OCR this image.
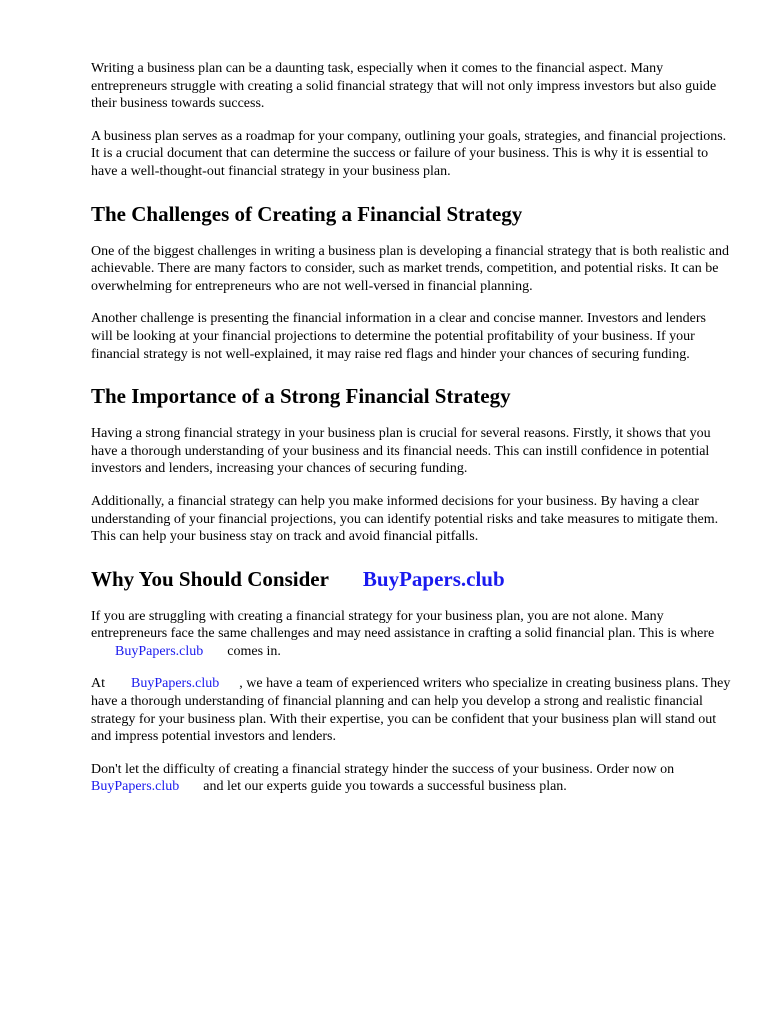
Writing a business plan can be a daunting task, especially when it comes to the financial aspect. Many entrepreneurs struggle with creating a solid financial strategy that will not only impress investors but also guide their business towards success.

A business plan serves as a roadmap for your company, outlining your goals, strategies, and financial projections. It is a crucial document that can determine the success or failure of your business. This is why it is essential to have a well-thought-out financial strategy in your business plan.

The Challenges of Creating a Financial Strategy

One of the biggest challenges in writing a business plan is developing a financial strategy that is both realistic and achievable. There are many factors to consider, such as market trends, competition, and potential risks. It can be overwhelming for entrepreneurs who are not well-versed in financial planning.

Another challenge is presenting the financial information in a clear and concise manner. Investors and lenders will be looking at your financial projections to determine the potential profitability of your business. If your financial strategy is not well-explained, it may raise red flags and hinder your chances of securing funding.

The Importance of a Strong Financial Strategy

Having a strong financial strategy in your business plan is crucial for several reasons. Firstly, it shows that you have a thorough understanding of your business and its financial needs. This can instill confidence in potential investors and lenders, increasing your chances of securing funding.

Additionally, a financial strategy can help you make informed decisions for your business. By having a clear understanding of your financial projections, you can identify potential risks and take measures to mitigate them. This can help your business stay on track and avoid financial pitfalls.

Why You Should Consider BuyPapers.club

If you are struggling with creating a financial strategy for your business plan, you are not alone. Many entrepreneurs face the same challenges and may need assistance in crafting a solid financial plan. This is whereBuyPapers.club comes in.

At BuyPapers.club , we have a team of experienced writers who specialize in creating business plans. They have a thorough understanding of financial planning and can help you develop a strong and realistic financial strategy for your business plan. With their expertise, you can be confident that your business plan will stand out and impress potential investors and lenders.

Don't let the difficulty of creating a financial strategy hinder the success of your business. Order now onBuyPapers.club and let our experts guide you towards a successful business plan.
